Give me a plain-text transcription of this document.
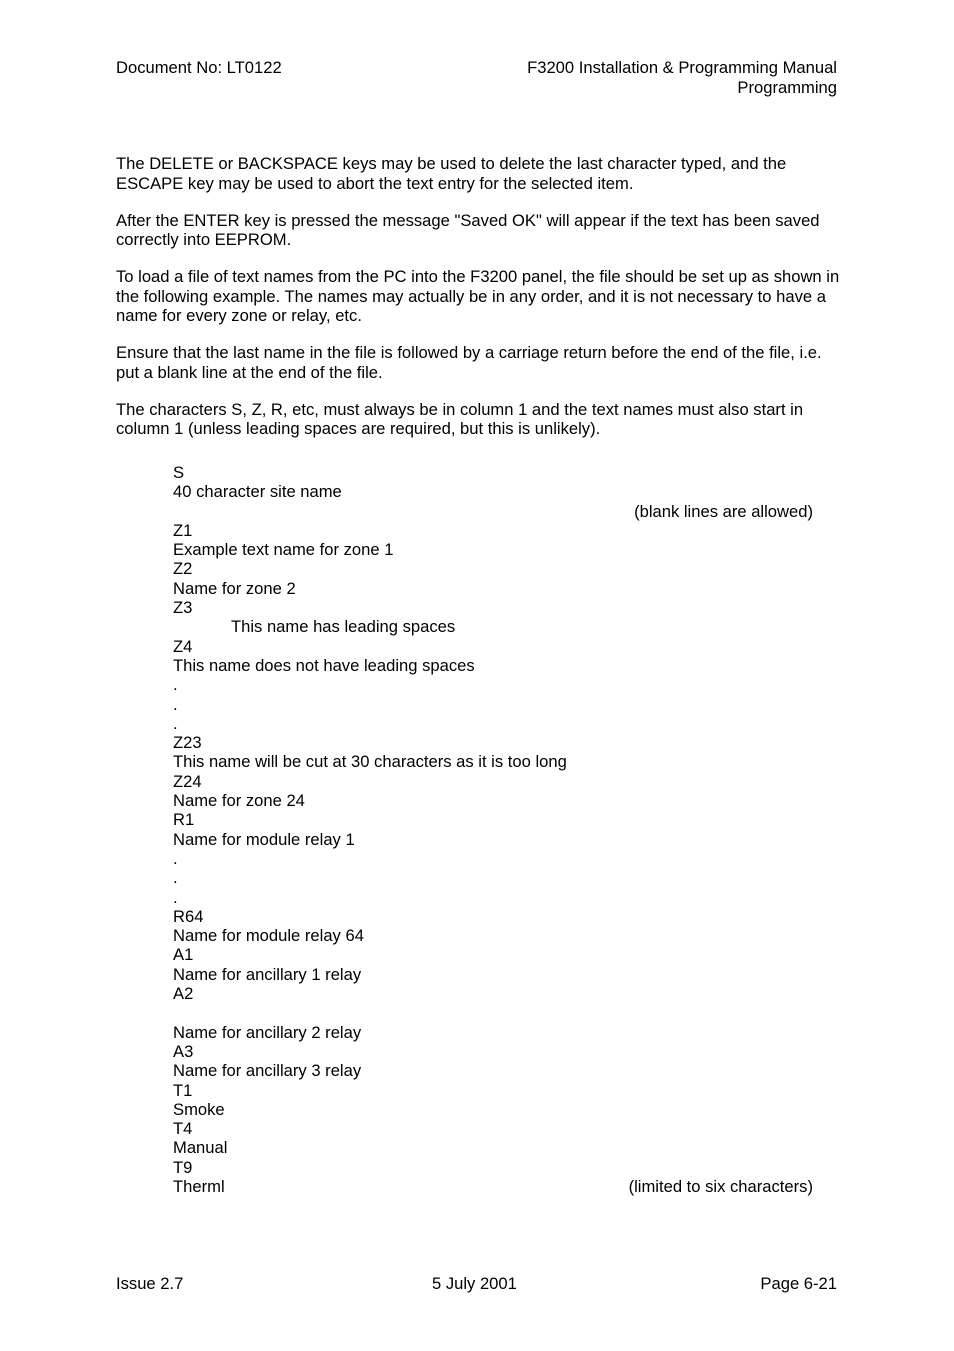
Document No: LT0122	F3200 Installation & Programming Manual
Programming

The DELETE or BACKSPACE keys may be used to delete the last character typed, and the ESCAPE key may be used to abort the text entry for the selected item.

After the ENTER key is pressed the message "Saved OK" will appear if the text has been saved correctly into EEPROM.

To load a file of text names from the PC into the F3200 panel, the file should be set up as shown in the following example. The names may actually be in any order, and it is not necessary to have a name for every zone or relay, etc.

Ensure that the last name in the file is followed by a carriage return before the end of the file, i.e. put a blank line at the end of the file.

The characters S, Z, R, etc, must always be in column 1 and the text names must also start in column 1 (unless leading spaces are required, but this is unlikely).

S
40 character site name
(blank lines are allowed)
Z1
Example text name for zone 1
Z2
Name for zone 2
Z3
This name has leading spaces
Z4
This name does not have leading spaces
.
.
.
Z23
This name will be cut at 30 characters as it is too long
Z24
Name for zone 24
R1
Name for module relay 1
.
.
.
R64
Name for module relay 64
A1
Name for ancillary 1 relay
A2
Name for ancillary 2 relay
A3
Name for ancillary 3 relay
T1
Smoke
T4
Manual
T9
Therml	(limited to six characters)
Issue 2.7	5 July 2001	Page 6-21
